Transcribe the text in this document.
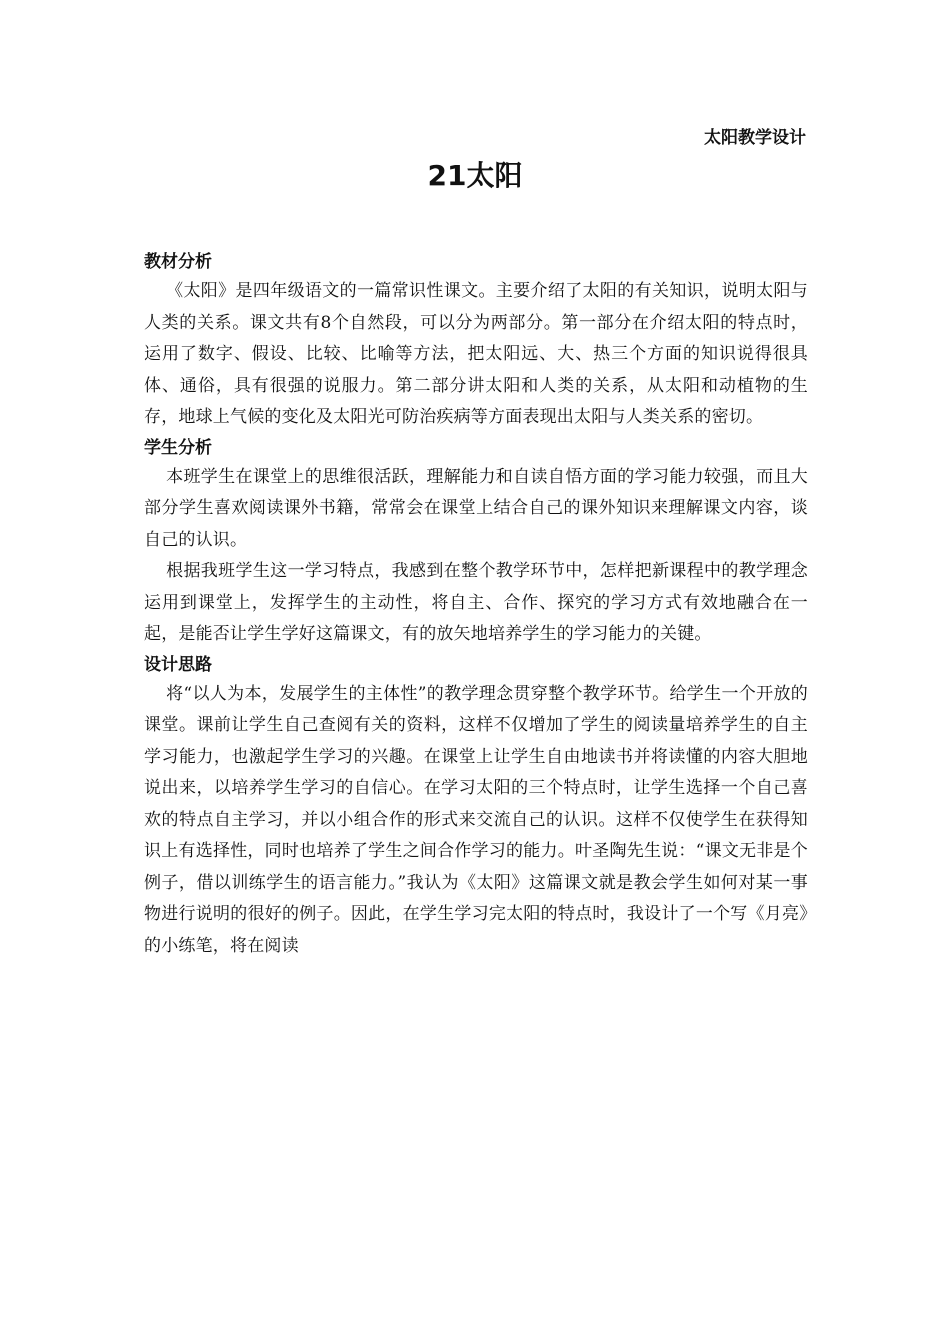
太阳教学设计
21太阳

教材分析

《太阳》是四年级语文的一篇常识性课文。主要介绍了太阳的有关知识，说明太阳与人类的关系。课文共有8个自然段，可以分为两部分。第一部分在介绍太阳的特点时，运用了数字、假设、比较、比喻等方法，把太阳远、大、热三个方面的知识说得很具体、通俗，具有很强的说服力。第二部分讲太阳和人类的关系，从太阳和动植物的生存，地球上气候的变化及太阳光可防治疾病等方面表现出太阳与人类关系的密切。

学生分析

本班学生在课堂上的思维很活跃，理解能力和自读自悟方面的学习能力较强，而且大部分学生喜欢阅读课外书籍，常常会在课堂上结合自己的课外知识来理解课文内容，谈自己的认识。

根据我班学生这一学习特点，我感到在整个教学环节中，怎样把新课程中的教学理念运用到课堂上，发挥学生的主动性，将自主、合作、探究的学习方式有效地融合在一起，是能否让学生学好这篇课文，有的放矢地培养学生的学习能力的关键。

设计思路

将“以人为本，发展学生的主体性”的教学理念贯穿整个教学环节。给学生一个开放的课堂。课前让学生自己查阅有关的资料，这样不仅增加了学生的阅读量培养学生的自主学习能力，也激起学生学习的兴趣。在课堂上让学生自由地读书并将读懂的内容大胆地说出来，以培养学生学习的自信心。在学习太阳的三个特点时，让学生选择一个自己喜欢的特点自主学习，并以小组合作的形式来交流自己的认识。这样不仅使学生在获得知识上有选择性，同时也培养了学生之间合作学习的能力。叶圣陶先生说：“课文无非是个例子，借以训练学生的语言能力。”我认为《太阳》这篇课文就是教会学生如何对某一事物进行说明的很好的例子。因此，在学生学习完太阳的特点时，我设计了一个写《月亮》的小练笔，将在阅读
